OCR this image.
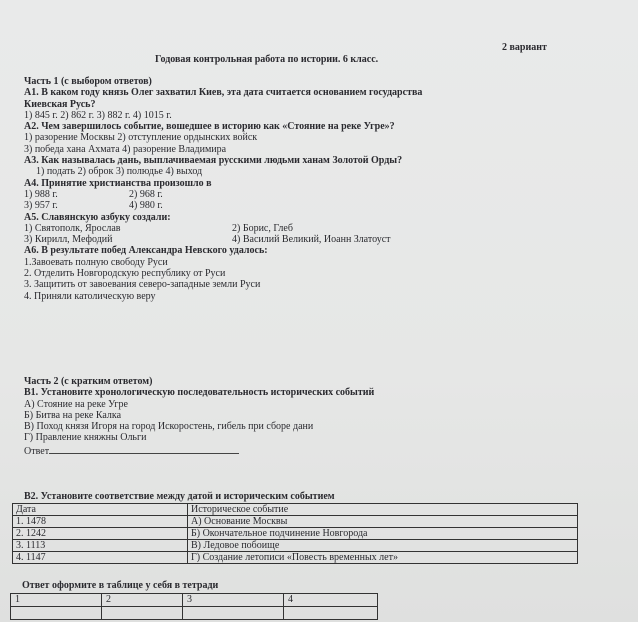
2 вариант
Годовая контрольная работа по истории. 6 класс.
Часть 1 (с выбором ответов)
А1. В каком году князь Олег захватил Киев, эта дата считается основанием государства
Киевская Русь?
1) 845 г. 2) 862 г. 3) 882 г. 4) 1015 г.
А2. Чем завершилось событие, вошедшее в историю как «Стояние на реке Угре»?
1) разорение Москвы 2) отступление ордынских войск
3) победа хана Ахмата 4) разорение Владимира
А3. Как называлась дань, выплачиваемая русскими людьми ханам Золотой Орды?
1) подать 2) оброк 3) полюдье 4) выход
А4. Принятие христианства произошло в
1) 988 г.	2) 968 г.
3) 957 г.	4) 980 г.
А5. Славянскую азбуку создали:
1) Святополк, Ярослав	2) Борис, Глеб
3) Кирилл, Мефодий	4) Василий Великий, Иоанн Златоуст
А6. В результате побед Александра Невского удалось:
1.Завоевать полную свободу Руси
2. Отделить Новгородскую республику от Руси
3. Защитить от завоевания северо-западные земли Руси
4. Приняли католическую веру
Часть 2 (с кратким ответом)
В1. Установите хронологическую последовательность исторических событий
А) Стояние на реке Угре
Б) Битва на реке Калка
В) Поход князя Игоря на город Искоростень, гибель при сборе дани
Г) Правление княжны Ольги
Ответ
В2. Установите соответствие между датой и историческим событием
Дата	Историческое событие
1. 1478	А) Основание Москвы
2. 1242	Б) Окончательное подчинение Новгорода
3. 1113	В) Ледовое побоище
4. 1147	Г) Создание летописи «Повесть временных лет»
Ответ оформите в таблице у себя в тетради
1	2	3	4
